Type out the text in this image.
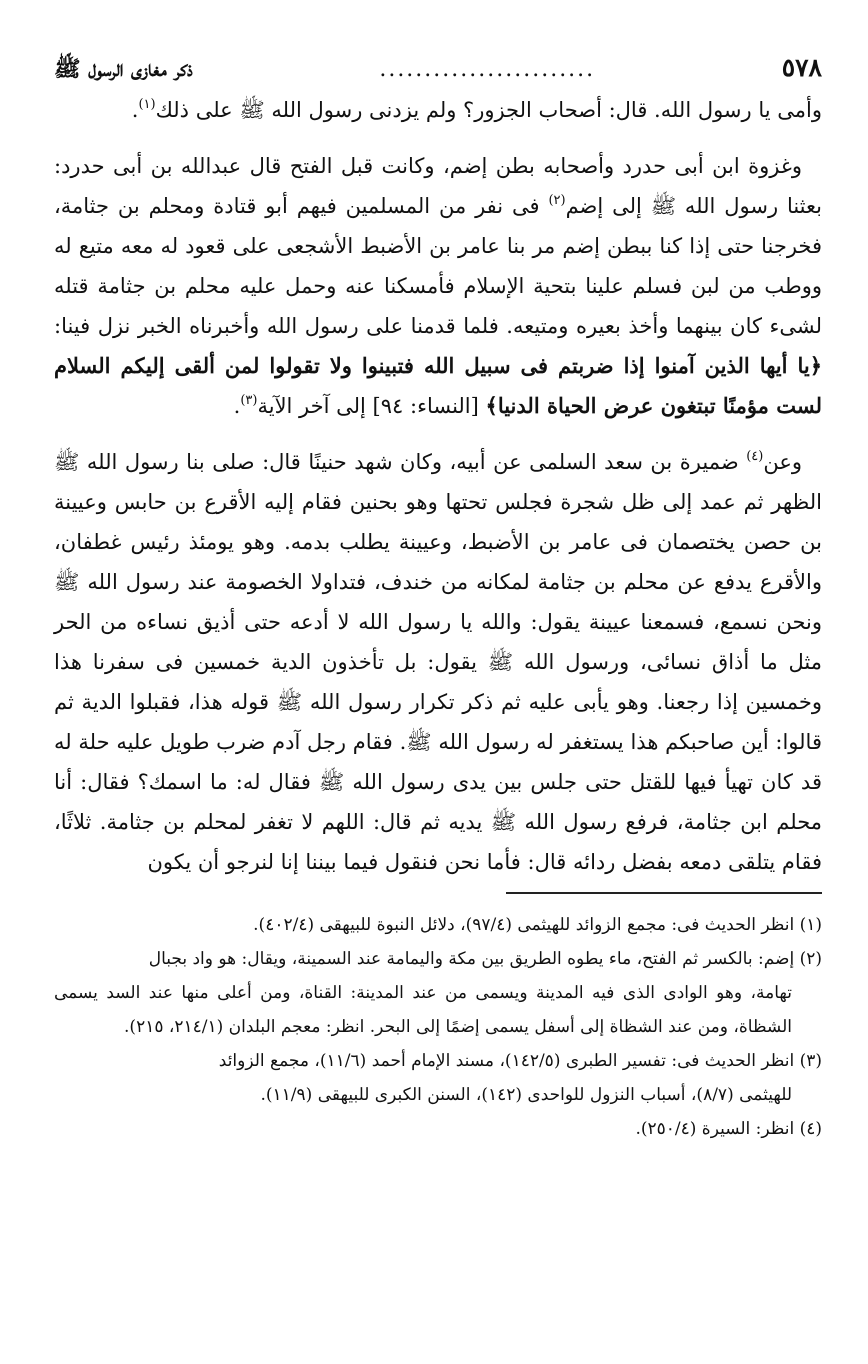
٥٧٨
........................
ذكر مغازى الرسول ﷺ

وأمى يا رسول الله. قال: أصحاب الجزور؟ ولم يزدنى رسول الله ﷺ على ذلك$^{(١)}$.

وغزوة ابن أبى حدرد وأصحابه بطن إضم، وكانت قبل الفتح قال عبدالله بن أبى حدرد: بعثنا رسول الله ﷺ إلى إضم$^{(٢)}$ فى نفر من المسلمين فيهم أبو قتادة ومحلم بن جثامة، فخرجنا حتى إذا كنا ببطن إضم مر بنا عامر بن الأضبط الأشجعى على قعود له معه متيع له ووطب من لبن فسلم علينا بتحية الإسلام فأمسكنا عنه وحمل عليه محلم بن جثامة قتله لشىء كان بينهما وأخذ بعيره ومتيعه. فلما قدمنا على رسول الله وأخبرناه الخبر نزل فينا: ﴿يا أيها الذين آمنوا إذا ضربتم فى سبيل الله فتبينوا ولا تقولوا لمن ألقى إليكم السلام لست مؤمنًا تبتغون عرض الحياة الدنيا﴾ [النساء: ٩٤] إلى آخر الآية$^{(٣)}$.

وعن$^{(٤)}$ ضميرة بن سعد السلمى عن أبيه، وكان شهد حنينًا قال: صلى بنا رسول الله ﷺ الظهر ثم عمد إلى ظل شجرة فجلس تحتها وهو بحنين فقام إليه الأقرع بن حابس وعيينة بن حصن يختصمان فى عامر بن الأضبط، وعيينة يطلب بدمه. وهو يومئذ رئيس غطفان، والأقرع يدفع عن محلم بن جثامة لمكانه من خندف، فتداولا الخصومة عند رسول الله ﷺ ونحن نسمع، فسمعنا عيينة يقول: والله يا رسول الله لا أدعه حتى أذيق نساءه من الحر مثل ما أذاق نسائى، ورسول الله ﷺ يقول: بل تأخذون الدية خمسين فى سفرنا هذا وخمسين إذا رجعنا. وهو يأبى عليه ثم ذكر تكرار رسول الله ﷺ قوله هذا، فقبلوا الدية ثم قالوا: أين صاحبكم هذا يستغفر له رسول الله ﷺ. فقام رجل آدم ضرب طويل عليه حلة له قد كان تهيأ فيها للقتل حتى جلس بين يدى رسول الله ﷺ فقال له: ما اسمك؟ فقال: أنا محلم ابن جثامة، فرفع رسول الله ﷺ يديه ثم قال: اللهم لا تغفر لمحلم بن جثامة. ثلاثًا، فقام يتلقى دمعه بفضل ردائه قال: فأما نحن فنقول فيما بيننا إنا لنرجو أن يكون

(١) انظر الحديث فى: مجمع الزوائد للهيثمى (٩٧/٤)، دلائل النبوة للبيهقى (٤٠٢/٤).

(٢) إضم: بالكسر ثم الفتح، ماء يطوه الطريق بين مكة واليمامة عند السمينة، ويقال: هو واد بجبال

تهامة، وهو الوادى الذى فيه المدينة ويسمى من عند المدينة: القناة، ومن أعلى منها عند السد يسمى الشظاة، ومن عند الشظاة إلى أسفل يسمى إضمًا إلى البحر. انظر: معجم البلدان (٢١٤/١، ٢١٥).

(٣) انظر الحديث فى: تفسير الطبرى (١٤٢/٥)، مسند الإمام أحمد (١١/٦)، مجمع الزوائد

للهيثمى (٨/٧)، أسباب النزول للواحدى (١٤٢)، السنن الكبرى للبيهقى (١١/٩).

(٤) انظر: السيرة (٢٥٠/٤).
